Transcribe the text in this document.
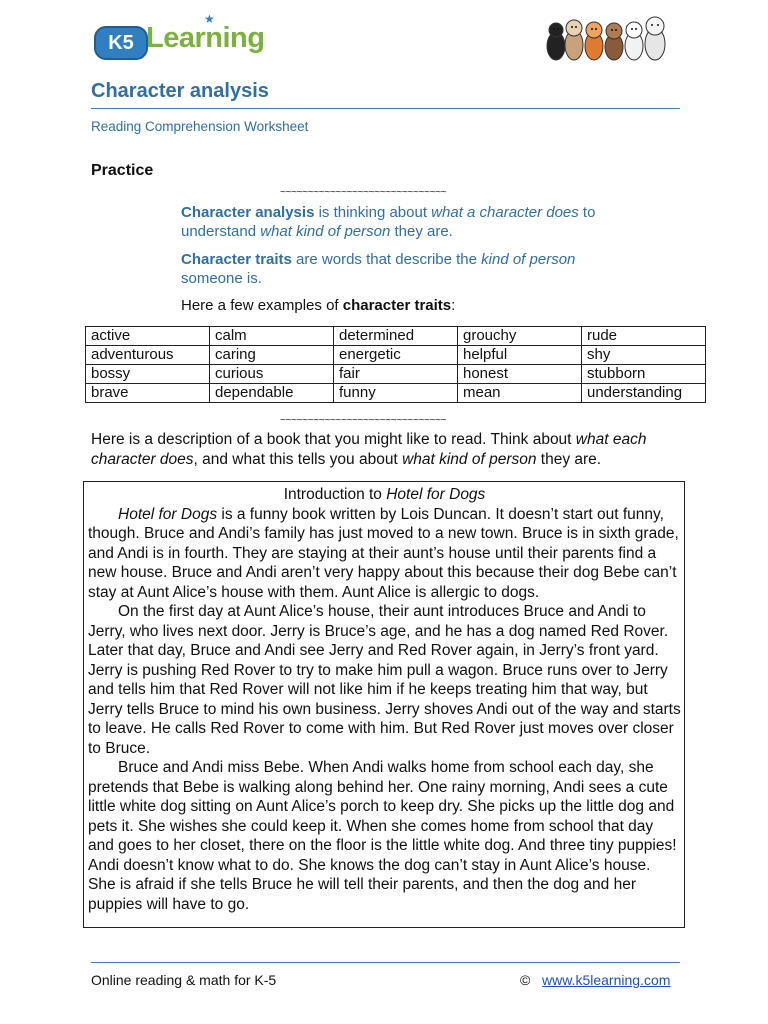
K5 Learning
★
Character analysis
Reading Comprehension Worksheet
Practice
~~~~~~~~~~~~~~~~~~~~~~~~~~~~~~
Character analysis is thinking about what a character does to understand what kind of person they are.
Character traits are words that describe the kind of person someone is.
Here a few examples of character traits:
active	calm	determined	grouchy	rude
adventurous	caring	energetic	helpful	shy
bossy	curious	fair	honest	stubborn
brave	dependable	funny	mean	understanding
~~~~~~~~~~~~~~~~~~~~~~~~~~~~~~
Here is a description of a book that you might like to read. Think about what each character does, and what this tells you about what kind of person they are.
Introduction to Hotel for Dogs

Hotel for Dogs is a funny book written by Lois Duncan. It doesn’t start out funny, though. Bruce and Andi’s family has just moved to a new town. Bruce is in sixth grade, and Andi is in fourth. They are staying at their aunt’s house until their parents find a new house. Bruce and Andi aren’t very happy about this because their dog Bebe can’t stay at Aunt Alice’s house with them. Aunt Alice is allergic to dogs.

On the first day at Aunt Alice’s house, their aunt introduces Bruce and Andi to Jerry, who lives next door. Jerry is Bruce’s age, and he has a dog named Red Rover. Later that day, Bruce and Andi see Jerry and Red Rover again, in Jerry’s front yard. Jerry is pushing Red Rover to try to make him pull a wagon. Bruce runs over to Jerry and tells him that Red Rover will not like him if he keeps treating him that way, but Jerry tells Bruce to mind his own business. Jerry shoves Andi out of the way and starts to leave. He calls Red Rover to come with him. But Red Rover just moves over closer to Bruce.

Bruce and Andi miss Bebe. When Andi walks home from school each day, she pretends that Bebe is walking along behind her. One rainy morning, Andi sees a cute little white dog sitting on Aunt Alice’s porch to keep dry. She picks up the little dog and pets it. She wishes she could keep it. When she comes home from school that day and goes to her closet, there on the floor is the little white dog. And three tiny puppies! Andi doesn’t know what to do. She knows the dog can’t stay in Aunt Alice’s house. She is afraid if she tells Bruce he will tell their parents, and then the dog and her puppies will have to go.

Online reading & math for K-5	© www.k5learning.com
